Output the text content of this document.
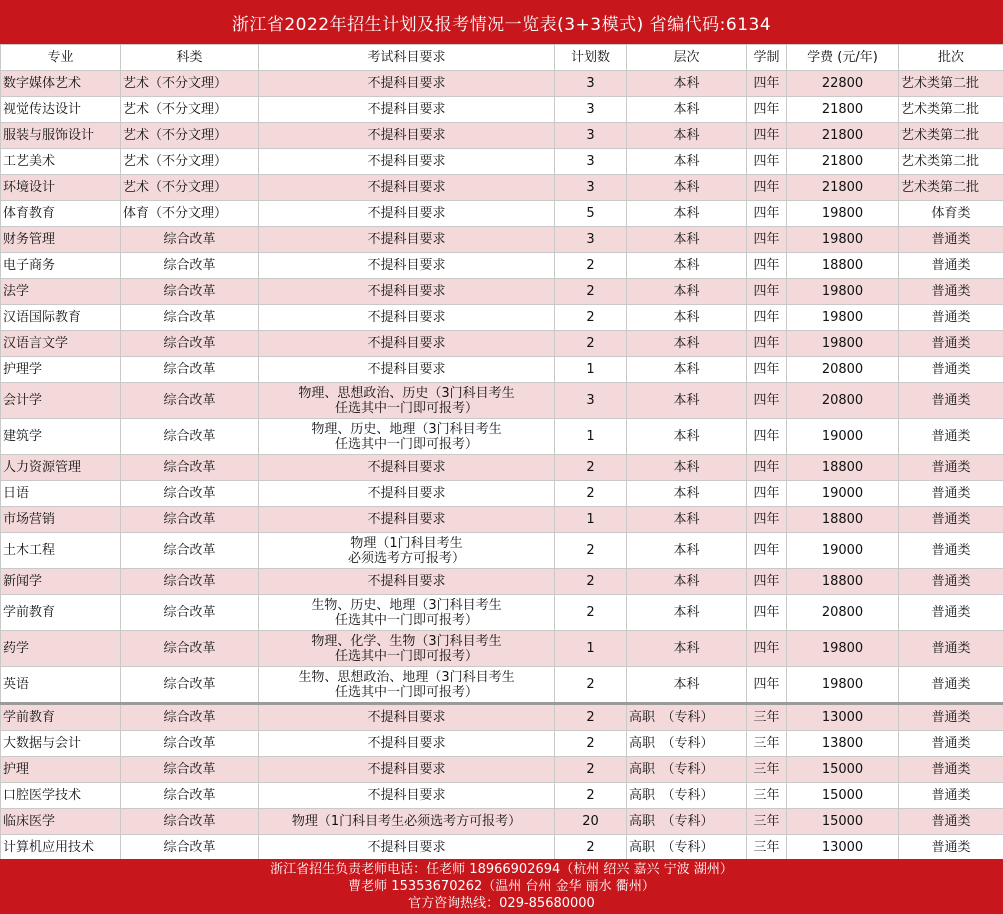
浙江省2022年招生计划及报考情况一览表(3+3模式) 省编代码:6134
专业	科类	考试科目要求	计划数	层次	学制	学费 (元/年)	批次
数字媒体艺术	艺术（不分文理）	不提科目要求	3	本科	四年	22800	艺术类第二批
视觉传达设计	艺术（不分文理）	不提科目要求	3	本科	四年	21800	艺术类第二批
服装与服饰设计	艺术（不分文理）	不提科目要求	3	本科	四年	21800	艺术类第二批
工艺美术	艺术（不分文理）	不提科目要求	3	本科	四年	21800	艺术类第二批
环境设计	艺术（不分文理）	不提科目要求	3	本科	四年	21800	艺术类第二批
体育教育	体育（不分文理）	不提科目要求	5	本科	四年	19800	体育类
财务管理	综合改革	不提科目要求	3	本科	四年	19800	普通类
电子商务	综合改革	不提科目要求	2	本科	四年	18800	普通类
法学	综合改革	不提科目要求	2	本科	四年	19800	普通类
汉语国际教育	综合改革	不提科目要求	2	本科	四年	19800	普通类
汉语言文学	综合改革	不提科目要求	2	本科	四年	19800	普通类
护理学	综合改革	不提科目要求	1	本科	四年	20800	普通类
会计学	综合改革	物理、思想政治、历史（3门科目考生
任选其中一门即可报考）	3	本科	四年	20800	普通类
建筑学	综合改革	物理、历史、地理（3门科目考生
任选其中一门即可报考）	1	本科	四年	19000	普通类
人力资源管理	综合改革	不提科目要求	2	本科	四年	18800	普通类
日语	综合改革	不提科目要求	2	本科	四年	19000	普通类
市场营销	综合改革	不提科目要求	1	本科	四年	18800	普通类
土木工程	综合改革	物理（1门科目考生
必须选考方可报考）	2	本科	四年	19000	普通类
新闻学	综合改革	不提科目要求	2	本科	四年	18800	普通类
学前教育	综合改革	生物、历史、地理（3门科目考生
任选其中一门即可报考）	2	本科	四年	20800	普通类
药学	综合改革	物理、化学、生物（3门科目考生
任选其中一门即可报考）	1	本科	四年	19800	普通类
英语	综合改革	生物、思想政治、地理（3门科目考生
任选其中一门即可报考）	2	本科	四年	19800	普通类
学前教育	综合改革	不提科目要求	2	高职　（专科）	三年	13000	普通类
大数据与会计	综合改革	不提科目要求	2	高职　（专科）	三年	13800	普通类
护理	综合改革	不提科目要求	2	高职　（专科）	三年	15000	普通类
口腔医学技术	综合改革	不提科目要求	2	高职　（专科）	三年	15000	普通类
临床医学	综合改革	物理（1门科目考生必须选考方可报考）	20	高职　（专科）	三年	15000	普通类
计算机应用技术	综合改革	不提科目要求	2	高职　（专科）	三年	13000	普通类
浙江省招生负责老师电话：任老师 18966902694（杭州 绍兴 嘉兴 宁波 湖州）
曹老师 15353670262（温州 台州 金华 丽水 衢州）
官方咨询热线：029-85680000
